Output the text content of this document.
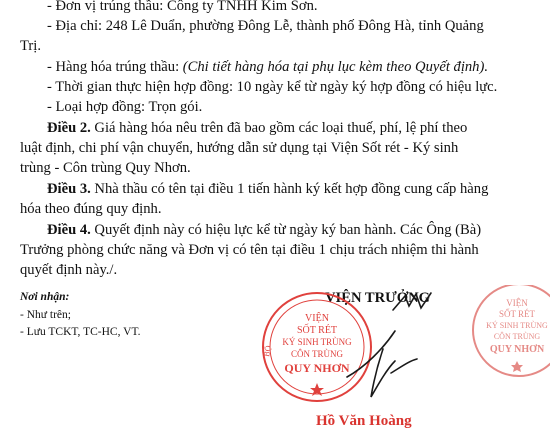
- Đơn vị trúng thầu: Công ty TNHH Kim Sơn.
- Địa chỉ: 248 Lê Duẩn, phường Đông Lễ, thành phố Đông Hà, tỉnh Quảng
Trị.
- Hàng hóa trúng thầu: (Chi tiết hàng hóa tại phụ lục kèm theo Quyết định).
- Thời gian thực hiện hợp đồng: 10 ngày kể từ ngày ký hợp đồng có hiệu lực.
- Loại hợp đồng: Trọn gói.
Điều 2. Giá hàng hóa nêu trên đã bao gồm các loại thuế, phí, lệ phí theo
luật định, chi phí vận chuyển, hướng dẫn sử dụng tại Viện Sốt rét - Ký sinh
trùng - Côn trùng Quy Nhơn.
Điều 3. Nhà thầu có tên tại điều 1 tiến hành ký kết hợp đồng cung cấp hàng
hóa theo đúng quy định.
Điều 4. Quyết định này có hiệu lực kể từ ngày ký ban hành. Các Ông (Bà)
Trưởng phòng chức năng và Đơn vị có tên tại điều 1 chịu trách nhiệm thi hành
quyết định này./.
Nơi nhận:
- Như trên;
- Lưu TCKT, TC-HC, VT.
VIỆN TRƯỞNG
VIỆN
SỐT RÉT
KÝ SINH TRÙNG
CÔN TRÙNG
QUY NHƠN
BỘ
VIỆN
SỐT RÉT
KÝ SINH TRÙNG
CÔN TRÙNG
QUY NHƠN
Hồ Văn Hoàng
